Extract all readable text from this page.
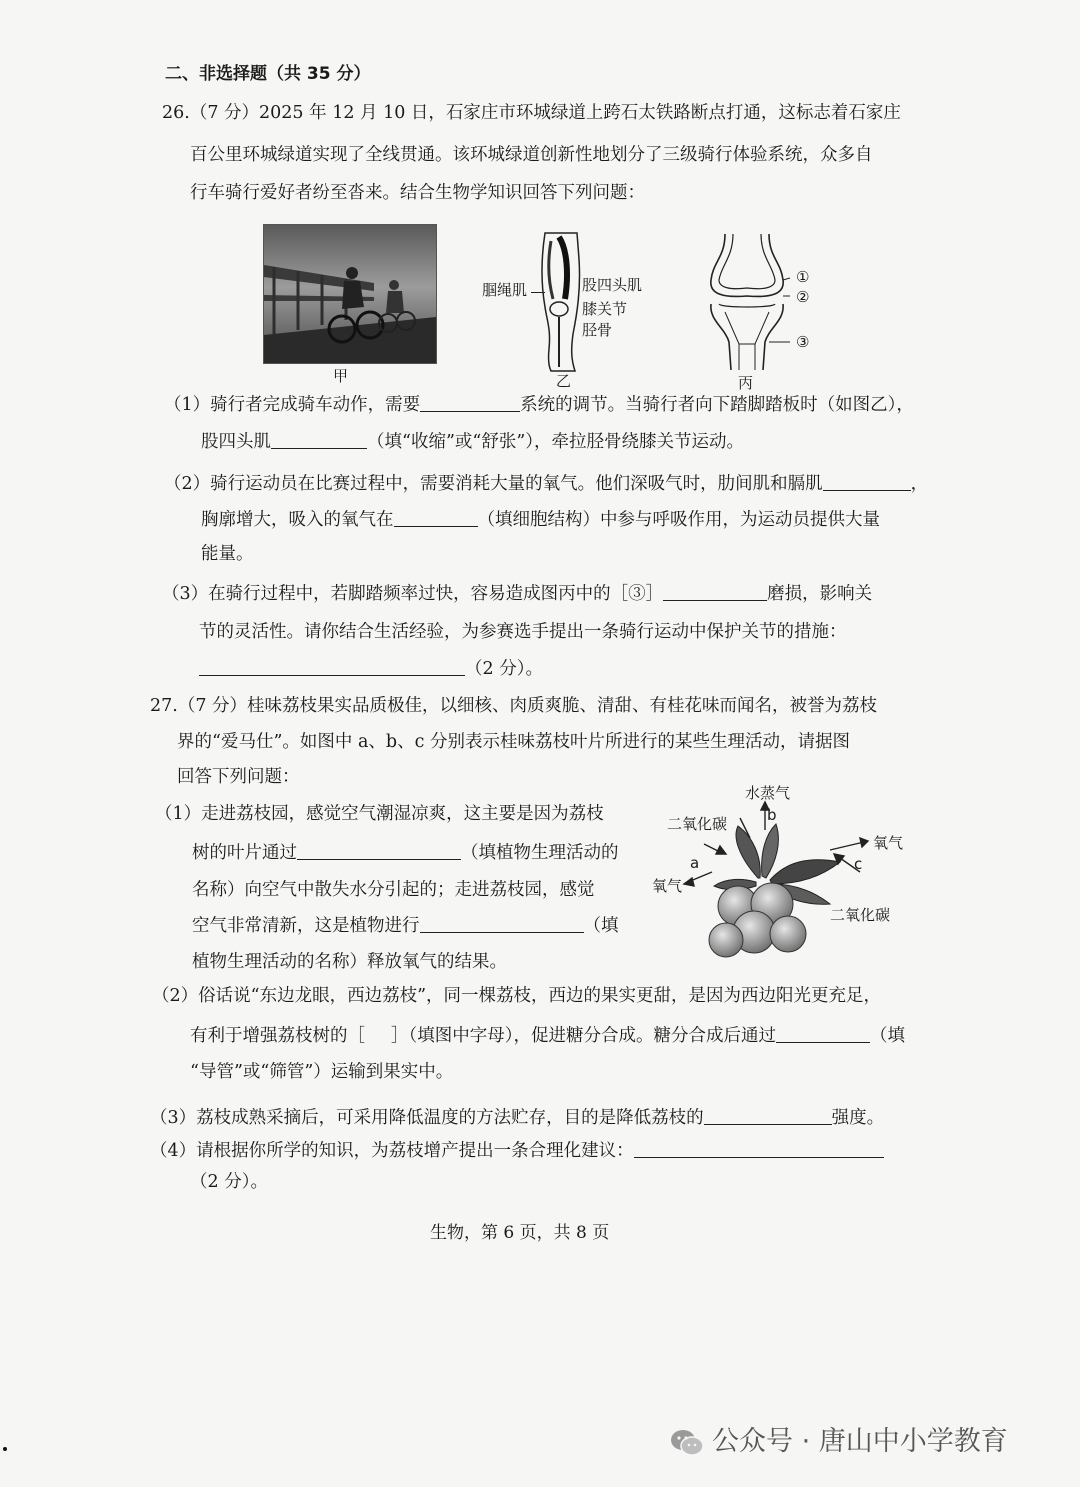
二、非选择题（共 35 分）
26.（7 分）2025 年 12 月 10 日，石家庄市环城绿道上跨石太铁路断点打通，这标志着石家庄
百公里环城绿道实现了全线贯通。该环城绿道创新性地划分了三级骑行体验系统，众多自
行车骑行爱好者纷至沓来。结合生物学知识回答下列问题：
甲
腘绳肌	股四头肌
膝关节
胫骨
乙
①
②
③
丙
（1）骑行者完成骑车动作，需要	系统的调节。当骑行者向下踏脚踏板时（如图乙），
股四头肌	（填“收缩”或“舒张”），牵拉胫骨绕膝关节运动。
（2）骑行运动员在比赛过程中，需要消耗大量的氧气。他们深吸气时，肋间肌和膈肌	，
胸廓增大，吸入的氧气在	（填细胞结构）中参与呼吸作用，为运动员提供大量
能量。
（3）在骑行过程中，若脚踏频率过快，容易造成图丙中的［③］	磨损，影响关
节的灵活性。请你结合生活经验，为参赛选手提出一条骑行运动中保护关节的措施：
（2 分）。
27.（7 分）桂味荔枝果实品质极佳，以细核、肉质爽脆、清甜、有桂花味而闻名，被誉为荔枝
界的“爱马仕”。如图中 a、b、c 分别表示桂味荔枝叶片所进行的某些生理活动，请据图
回答下列问题：
水蒸气
b
二氧化碳
a
氧气
氧气
c
二氧化碳
（1）走进荔枝园，感觉空气潮湿凉爽，这主要是因为荔枝
树的叶片通过	（填植物生理活动的
名称）向空气中散失水分引起的；走进荔枝园，感觉
空气非常清新，这是植物进行	（填
植物生理活动的名称）释放氧气的结果。
（2）俗话说“东边龙眼，西边荔枝”，同一棵荔枝，西边的果实更甜，是因为西边阳光更充足，
有利于增强荔枝树的［ ］（填图中字母），促进糖分合成。糖分合成后通过	（填
“导管”或“筛管”）运输到果实中。
（3）荔枝成熟采摘后，可采用降低温度的方法贮存，目的是降低荔枝的	强度。
（4）请根据你所学的知识，为荔枝增产提出一条合理化建议：
（2 分）。
生物，第 6 页，共 8 页
公众号 · 唐山中小学教育
